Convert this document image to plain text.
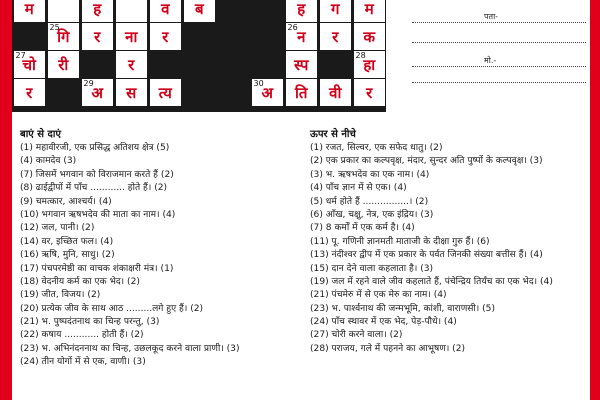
म	ह	व	ब	ह	ग	म
25
गि	र	ना	र
26
न	र	क
27
चो	री	र	स्प
28
हा
र
29
अ	स	त्य
30
अ	ति	वी	र
पता-
मो.-
बाएं से दाएं
(1) महावीरजी, एक प्रसिद्ध अतिशय क्षेत्र (5)
(4) कामदेव (3)
(7) जिसमें भगवान को विराजमान करते हैं (2)
(8) ढाईद्वीपों में पाँच ............ होते हैं। (2)
(9) चमत्कार, आश्चर्य। (4)
(10) भगवान ऋषभदेव की माता का नाम। (4)
(12) जल, पानी। (2)
(14) वर, इच्छित फल। (4)
(16) ऋषि, मुनि, साधु। (2)
(17) पंचपरमेष्ठी का वाचक शंकाक्षरी मंत्र। (1)
(18) वेदनीय कर्म का एक भेद। (2)
(19) जीत, विजय। (2)
(20) प्रत्येक जीव के साथ आठ .........लगे हुए हैं। (2)
(21) भ. पुष्पदंतनाथ का चिन्ह परन्तु, (3)
(22) कषाय ............ होती हैं। (2)
(23) भ. अभिनंदननाथ का चिन्ह, उछलकूद करने वाला प्राणी। (3)
(24) तीन योगों में से एक, वाणी। (3)
ऊपर से नीचे
(1) रजत, सिल्वर, एक सफेद धातु। (2)
(2) एक प्रकार का कल्पवृक्ष, मंदार, सुन्दर अति पुष्पों के कल्पवृक्ष। (3)
(3) भ. ऋषभदेव का एक नाम। (4)
(4) पाँच ज्ञान में से एक। (4)
(5) धर्म होते हैं ................। (2)
(6) आँख, चक्षु, नेत्र, एक इंद्रिय। (3)
(7) 8 कर्मों में एक कर्म है। (4)
(11) पू. गणिनी ज्ञानमती माताजी के दीक्षा गुरु हैं। (6)
(13) नंदीश्वर द्वीप में एक प्रकार के पर्वत जिनकी संख्या बत्तीस हैं। (4)
(15) दान देने वाला कहलाता है। (3)
(19) जल में रहने वाले जीव कहलाते हैं, पंचेन्द्रिय तिर्यंच का एक भेद। (4)
(21) पंचमेरु में से एक मेरु का नाम। (4)
(23) भ. पार्श्वनाथ की जन्मभूमि, कांशी, वाराणसी। (5)
(24) पाँच स्थावर में एक भेद, पेड़-पौधे। (4)
(27) चोरी करने वाला। (2)
(28) पराजय, गले में पहनने का आभूषण। (2)
